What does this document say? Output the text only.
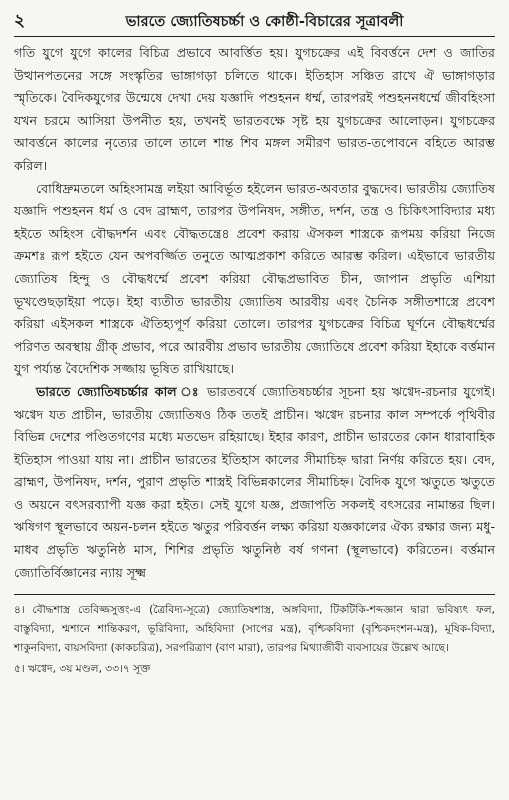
২	ভারতে জ্যোতিষচর্চ্চা ও কোষ্ঠী-বিচারের সূত্রাবলী

গতি যুগে যুগে কালের বিচিত্র প্রভাবে আবর্ত্তিত হয়। যুগচক্রের এই বিবর্ত্তনে দেশ ও জাতির উত্থানপতনের সঙ্গে সংস্কৃতির ভাঙ্গাগড়া চলিতে থাকে। ইতিহাস সঞ্চিত রাখে ঐ ভাঙ্গাগড়ার স্মৃতিকে। বৈদিকযুগের উন্মেষে দেখা দেয় যজ্ঞাদি পশুহনন ধর্ম্ম, তারপরই পশুহননধর্ম্মে জীবহিংসা যখন চরমে আসিয়া উপনীত হয়, তখনই ভারতবক্ষে সৃষ্ট হয় যুগচক্রের আলোড়ন। যুগচক্রের আবর্ত্তনে কালের নৃত্যের তালে তালে শান্ত শিব মঙ্গল সমীরণ ভারত-তপোবনে বহিতে আরম্ভ করিল।

বোধিদ্রুমতলে অহিংসামন্ত্র লইয়া আবির্ভূত হইলেন ভারত-অবতার বুদ্ধদেব। ভারতীয় জ্যোতিষ যজ্ঞাদি পশুহনন ধর্ম ও বেদ ব্রাহ্মণ, তারপর উপনিষদ, সঙ্গীত, দর্শন, তন্ত্র ও চিকিৎসাবিদ্যার মধ্য হইতে অহিংস বৌদ্ধদর্শন এবং বৌদ্ধতন্ত্রে৪ প্রবেশ করায় ঐসকল শাস্ত্রকে রূপময় করিয়া নিজে ক্রমশঃ রূপ হইতে যেন অপবর্জ্জিত তনুতে আত্মপ্রকাশ করিতে আরম্ভ করিল। এইভাবে ভারতীয় জ্যোতিষ হিন্দু ও বৌদ্ধধর্ম্মে প্রবেশ করিয়া বৌদ্ধপ্রভাবিত চীন, জাপান প্রভৃতি এশিয়া ভূখণ্ডেছড়াইয়া পড়ে। ইহা ব্যতীত ভারতীয় জ্যোতিষ আরবীয় এবং চৈনিক সঙ্গীতশাস্ত্রে প্রবেশ করিয়া এইসকল শাস্ত্রকে ঐতিহ্যপূর্ণ করিয়া তোলে। তারপর যুগচক্রের বিচিত্র ঘূর্ণনে বৌদ্ধধর্ম্মের পরিণত অবস্থায় গ্রীক্ প্রভাব, পরে আরবীয় প্রভাব ভারতীয় জ্যোতিষে প্রবেশ করিয়া ইহাকে বর্ত্তমান যুগ পর্য্যন্ত বৈদেশিক সজ্জায় ভূষিত রাখিয়াছে।

ভারতে জ্যোতিষচর্চ্চার কাল ঃ ভারতবর্ষে জ্যোতিষচর্চ্চার সূচনা হয় ঋগ্বেদ-রচনার যুগেই। ঋগ্বেদ যত প্রাচীন, ভারতীয় জ্যোতিষও ঠিক ততই প্রাচীন। ঋগ্বেদ রচনার কাল সম্পর্কে পৃথিবীর বিভিন্ন দেশের পণ্ডিতগণের মধ্যে মতভেদ রহিয়াছে। ইহার কারণ, প্রাচীন ভারতের কোন ধারাবাহিক ইতিহাস পাওয়া যায় না। প্রাচীন ভারতের ইতিহাস কালের সীমাচিহ্ন দ্বারা নির্ণয় করিতে হয়। বেদ, ব্রাহ্মণ, উপনিষদ, দর্শন, পুরাণ প্রভৃতি শাস্ত্রই বিভিন্নকালের সীমাচিহ্ন। বৈদিক যুগে ঋতুতে ঋতুতে ও অয়নে বৎসরব্যাপী যজ্ঞ করা হইত। সেই যুগে যজ্ঞ, প্রজাপতি সকলই বৎসরের নামান্তর ছিল। ঋষিগণ স্থূলভাবে অয়ন-চলন হইতে ঋতুর পরিবর্ত্তন লক্ষ্য করিয়া যজ্ঞকালের ঐক্য রক্ষার জন্য মধু-মাধব প্রভৃতি ঋতুনিষ্ঠ মাস, শিশির প্রভৃতি ঋতুনিষ্ঠ বর্ষ গণনা (স্থূলভাবে) করিতেন। বর্ত্তমান জ্যোতির্বিজ্ঞানের ন্যায় সূক্ষ্ম

৪। বৌদ্ধশাস্ত্র তেবিজ্জসুত্তং-এ (ত্রৈবিদ্য-সূত্রে) জ্যোতিষশাস্ত্র, অঙ্গবিদ্যা, টিকটিকি-শব্দজ্ঞান দ্বারা ভবিষ্যৎ ফল, বাস্তুবিদ্যা, শ্মশানে শান্তিকরণ, ভূরিবিদ্যা, অহিবিদ্যা (সাপের মন্ত্র), বৃশ্চিকবিদ্যা (বৃশ্চিকদংশন-মন্ত্র), মূষিক-বিদ্যা, শাকুনবিদ্যা, বায়সবিদ্যা (কাকচরিত্র), সরপরিত্রাণ (বাণ মারা), তারপর মিথ্যাজীবী ব্যবসায়ের উল্লেখ আছে।

৫। ঋগ্বেদ, ৩য় মণ্ডল, ৩৩।৭ সূক্ত
